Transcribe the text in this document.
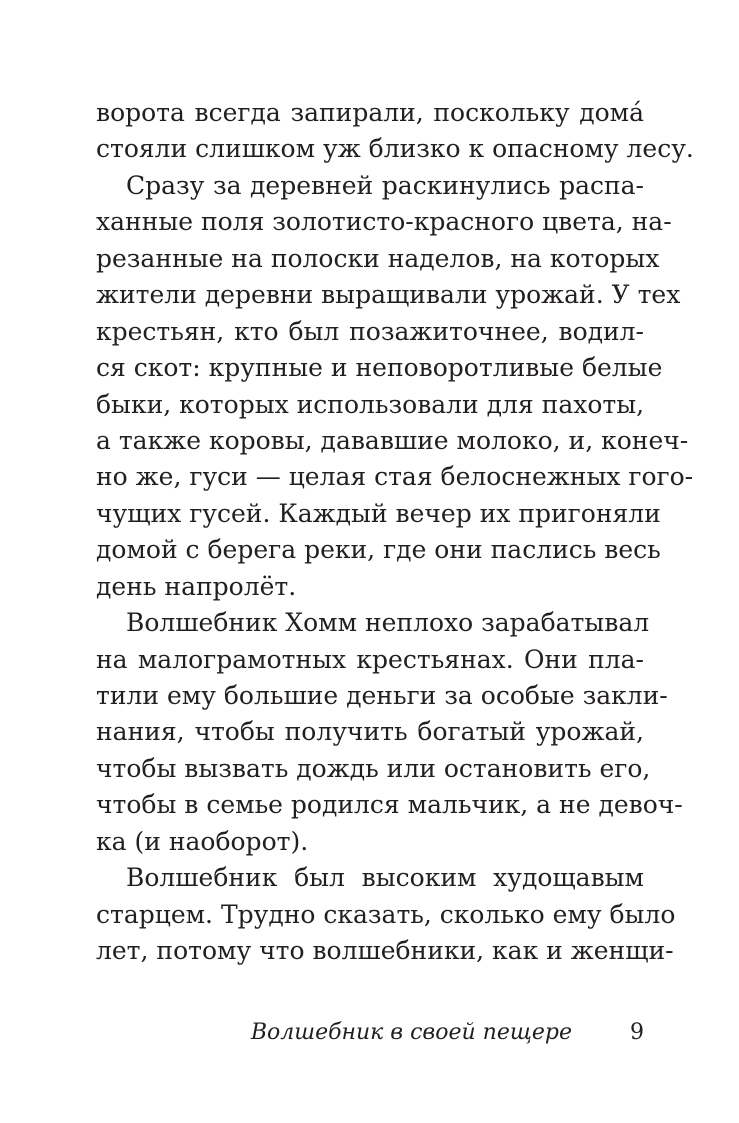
ворота всегда запирали, поскольку домá
стояли слишком уж близко к опасному лесу.
Сразу за деревней раскинулись распа-
ханные поля золотисто-красного цвета, на-
резанные на полоски наделов, на которых
жители деревни выращивали урожай. У тех
крестьян, кто был позажиточнее, водил-
ся скот: крупные и неповоротливые белые
быки, которых использовали для пахоты,
а также коровы, дававшие молоко, и, конеч-
но же, гуси — целая стая белоснежных гого-
чущих гусей. Каждый вечер их пригоняли
домой с берега реки, где они паслись весь
день напролёт.
Волшебник Хомм неплохо зарабатывал
на малограмотных крестьянах. Они пла-
тили ему большие деньги за особые закли-
нания, чтобы получить богатый урожай,
чтобы вызвать дождь или остановить его,
чтобы в семье родился мальчик, а не девоч-
ка (и наоборот).
Волшебник был высоким худощавым
старцем. Трудно сказать, сколько ему было
лет, потому что волшебники, как и женщи-
Волшебник в своей пещере	9
